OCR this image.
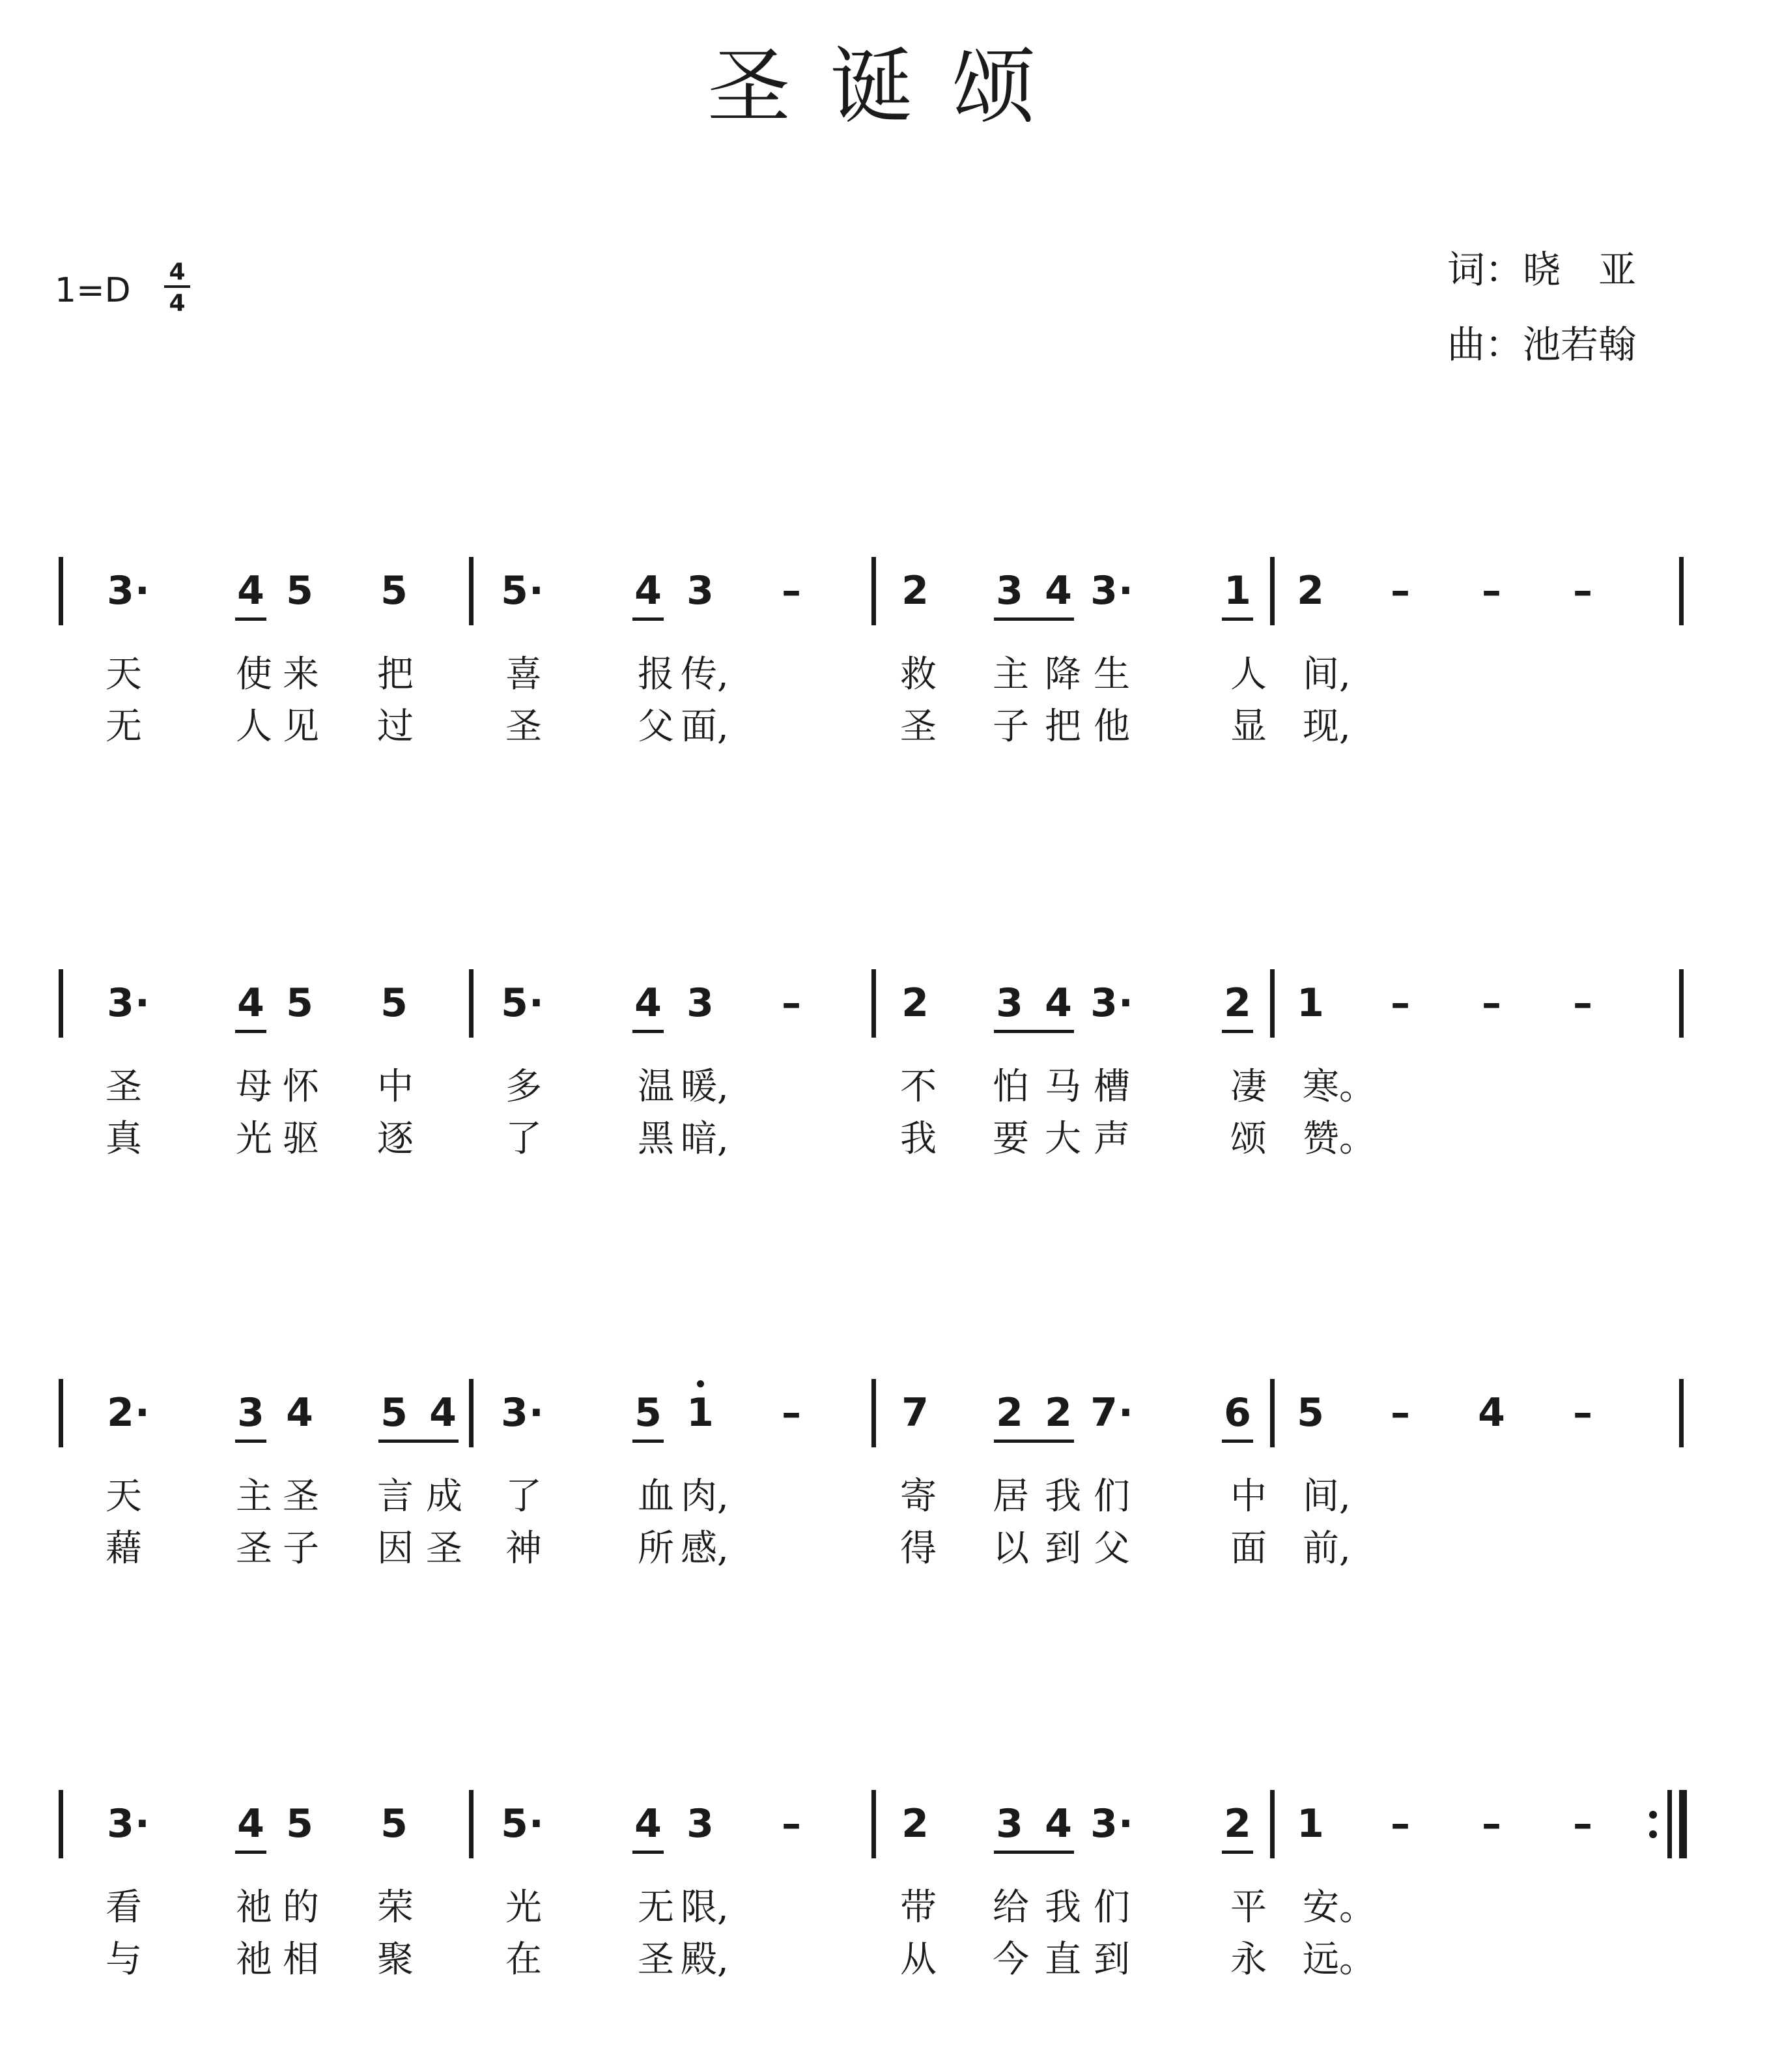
圣诞颂
1=D 4
4
词：晓　亚
曲：池若翰
3	4 5 5 5	4 3 –	2 3 4 3	1 2 – – –
·	·	·
天	使 来 把	喜	报 传,	救 主 降 生	人 间,
无	人 见 过	圣	父 面,	圣 子 把 他	显 现,
3	4 5 5 5	4 3 –	2 3 4 3	2 1 – – –
·	·	·
圣	母 怀 中	多	温 暖,	不 怕 马 槽	凄 寒。
真	光 驱 逐	了	黑 暗,	我 要 大 声	颂 赞。
2	3 4 5 4 3	5 1 –	7 2 2 7	6 5 – 4 –
·	·	·
天	主 圣 言 成 了	血 肉,	寄 居 我 们	中 间,
藉	圣 子 因 圣 神	所 感,	得 以 到 父	面 前,
3	4 5 5 5	4 3 –	2 3 4 3	2 1 – – –
·	·	·
看	祂 的 荣	光	无 限,	带 给 我 们	平 安。
与	祂 相 聚	在	圣 殿,	从 今 直 到	永 远。
